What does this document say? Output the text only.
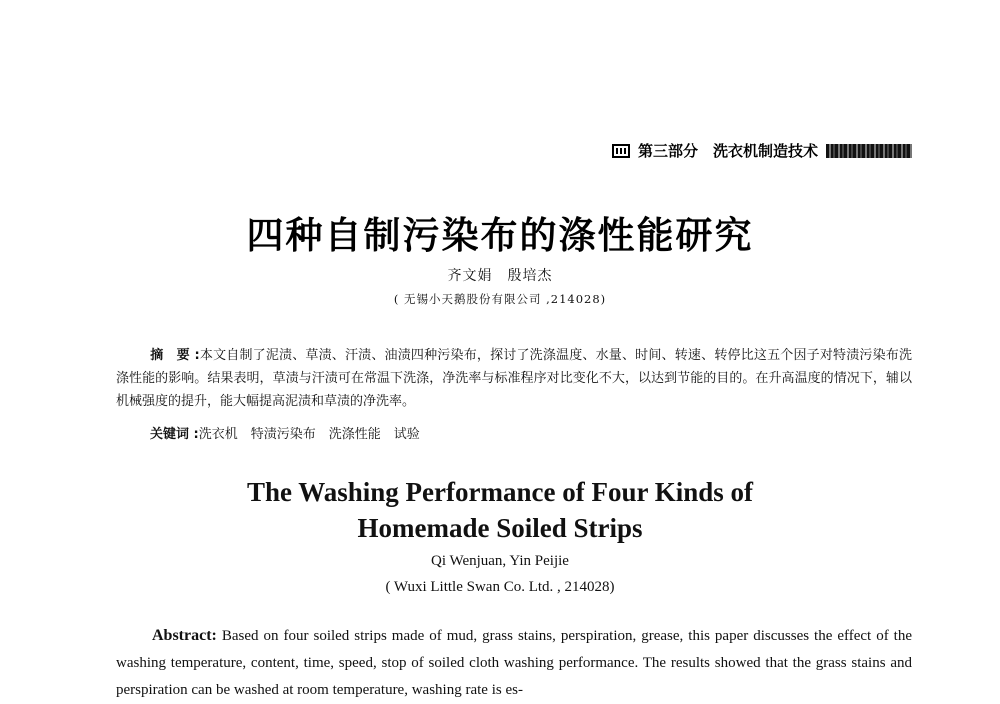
第三部分　洗衣机制造技术
四种自制污染布的涤性能研究
齐文娟　殷培杰
( 无锡小天鹅股份有限公司 ,214028)
摘　要 :本文自制了泥渍、草渍、汗渍、油渍四种污染布，探讨了洗涤温度、水量、时间、转速、转停比这五个因子对特渍污染布洗涤性能的影响。结果表明，草渍与汗渍可在常温下洗涤，净洗率与标准程序对比变化不大，以达到节能的目的。在升高温度的情况下，辅以机械强度的提升，能大幅提高泥渍和草渍的净洗率。
关键词 :洗衣机　特渍污染布　洗涤性能　试验
The Washing Performance of Four Kinds of
Homemade Soiled Strips
Qi Wenjuan, Yin Peijie
( Wuxi Little Swan Co. Ltd. , 214028)
Abstract: Based on four soiled strips made of mud, grass stains, perspiration, grease, this paper discusses the effect of the washing temperature, content, time, speed, stop of soiled cloth washing performance. The results showed that the grass stains and perspiration can be washed at room temperature, washing rate is es-
